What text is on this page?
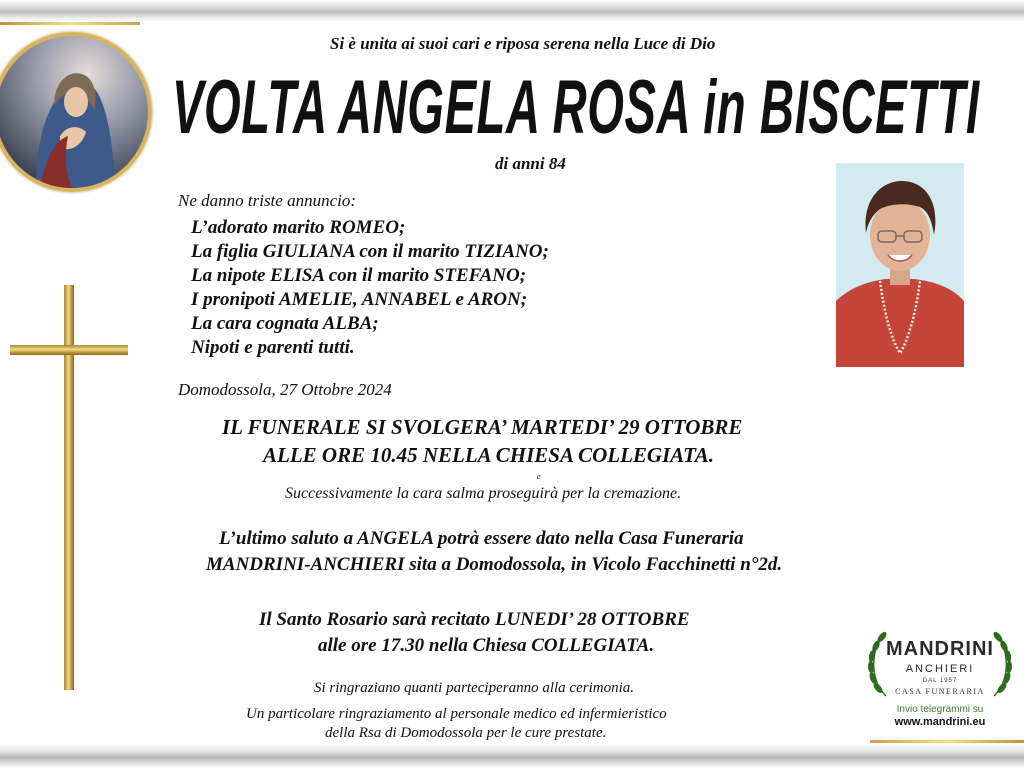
Si è unita ai suoi cari e riposa serena nella Luce di Dio
VOLTA ANGELA ROSA in BISCETTI
di anni 84
Ne danno triste annuncio:
L’adorato marito ROMEO;
La figlia GIULIANA con il marito TIZIANO;
La nipote ELISA con il marito STEFANO;
I pronipoti AMELIE, ANNABEL e ARON;
La cara cognata ALBA;
Nipoti e parenti tutti.
Domodossola, 27 Ottobre 2024
IL FUNERALE SI SVOLGERA’ MARTEDI’ 29 OTTOBRE
ALLE ORE 10.45 NELLA CHIESA COLLEGIATA.
e
Successivamente la cara salma proseguirà per la cremazione.
L’ultimo saluto a ANGELA potrà essere dato nella Casa Funeraria
MANDRINI-ANCHIERI sita a Domodossola, in Vicolo Facchinetti n°2d.
Il Santo Rosario sarà recitato LUNEDI’ 28 OTTOBRE
alle ore 17.30 nella Chiesa COLLEGIATA.
Si ringraziano quanti parteciperanno alla cerimonia.
Un particolare ringraziamento al personale medico ed infermieristico
della Rsa di Domodossola per le cure prestate.
MANDRINI
ANCHIERI
DAL 1957
CASA FUNERARIA
Invio telegrammi su
www.mandrini.eu
